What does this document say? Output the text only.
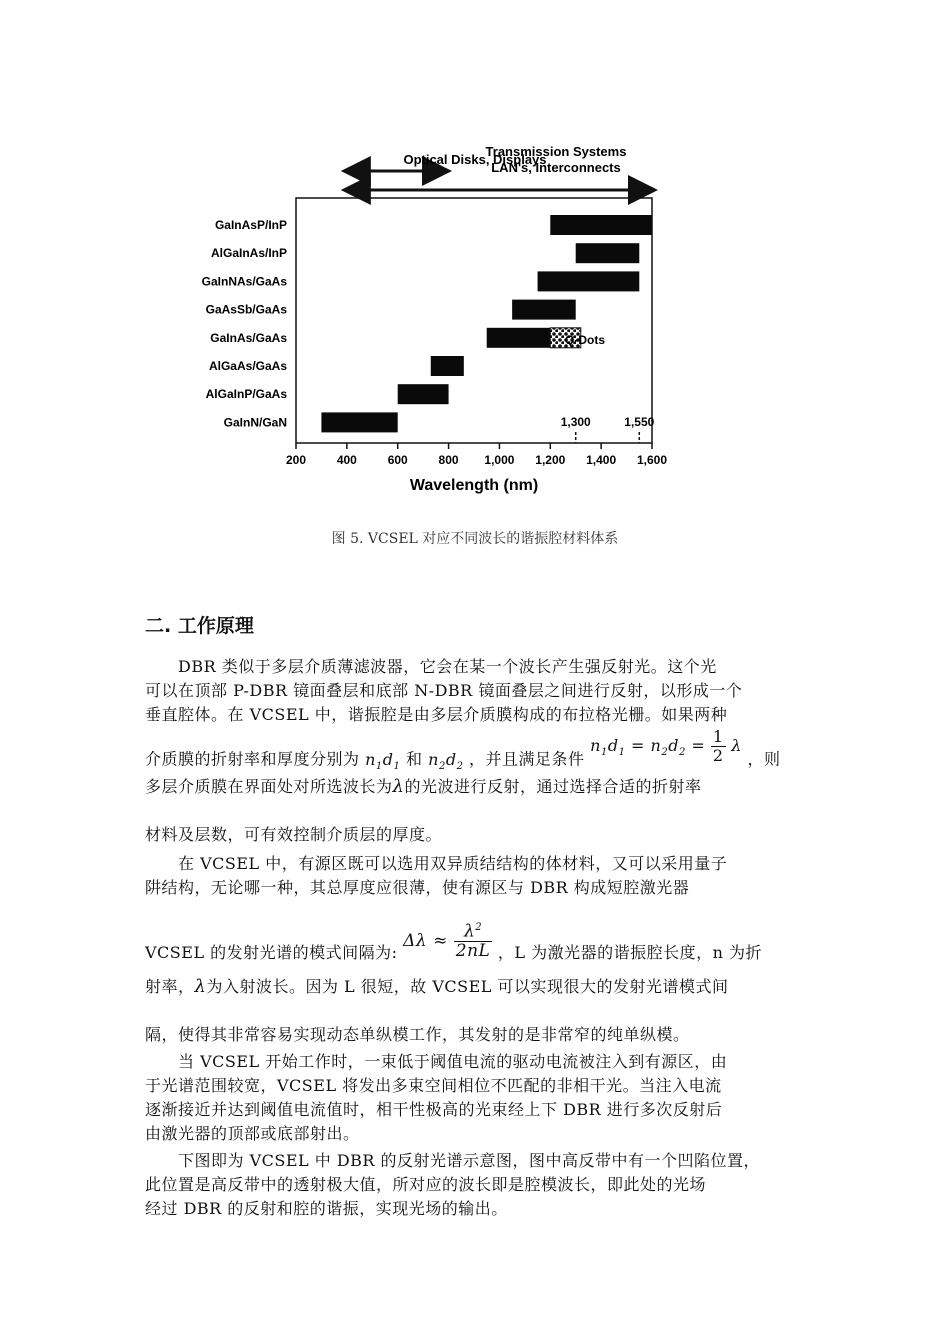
GaInAsP/InP
AlGaInAs/InP
GaInNAs/GaAs
GaAsSb/GaAs
GaInAs/GaAs
AlGaAs/GaAs
AlGaInP/GaAs
GaInN/GaN
200	400	600	800 1,000 1,200 1,400 1,600
1,300	1,550
Optical Disks, Displays
Transmission Systems
LAN's, Interconnects
Q-Dots
Wavelength (nm)
图 5. VCSEL 对应不同波长的谐振腔材料体系
二. 工作原理
DBR 类似于多层介质薄滤波器，它会在某一个波长产生强反射光。这个光
可以在顶部 P-DBR 镜面叠层和底部 N-DBR 镜面叠层之间进行反射，以形成一个
垂直腔体。在 VCSEL 中，谐振腔是由多层介质膜构成的布拉格光栅。如果两种
介质膜的折射率和厚度分别为 $n_1d_1$ 和 $n_2d_2$ ，并且满足条件 $n_1d_1 = n_2d_2 = \frac{1}{2}$ λ ，则
多层介质膜在界面处对所选波长为λ的光波进行反射，通过选择合适的折射率
材料及层数，可有效控制介质层的厚度。
在 VCSEL 中，有源区既可以选用双异质结结构的体材料，又可以采用量子
阱结构，无论哪一种，其总厚度应很薄，使有源区与 DBR 构成短腔激光器
VCSEL 的发射光谱的模式间隔为: $\Delta\lambda \approx \frac{\lambda^2}{2nL}$ ，L 为激光器的谐振腔长度，n 为折
射率，λ为入射波长。因为 L 很短，故 VCSEL 可以实现很大的发射光谱模式间
隔，使得其非常容易实现动态单纵模工作，其发射的是非常窄的纯单纵模。
当 VCSEL 开始工作时，一束低于阈值电流的驱动电流被注入到有源区，由
于光谱范围较宽，VCSEL 将发出多束空间相位不匹配的非相干光。当注入电流
逐渐接近并达到阈值电流值时，相干性极高的光束经上下 DBR 进行多次反射后
由激光器的顶部或底部射出。
下图即为 VCSEL 中 DBR 的反射光谱示意图，图中高反带中有一个凹陷位置，
此位置是高反带中的透射极大值，所对应的波长即是腔模波长，即此处的光场
经过 DBR 的反射和腔的谐振，实现光场的输出。
